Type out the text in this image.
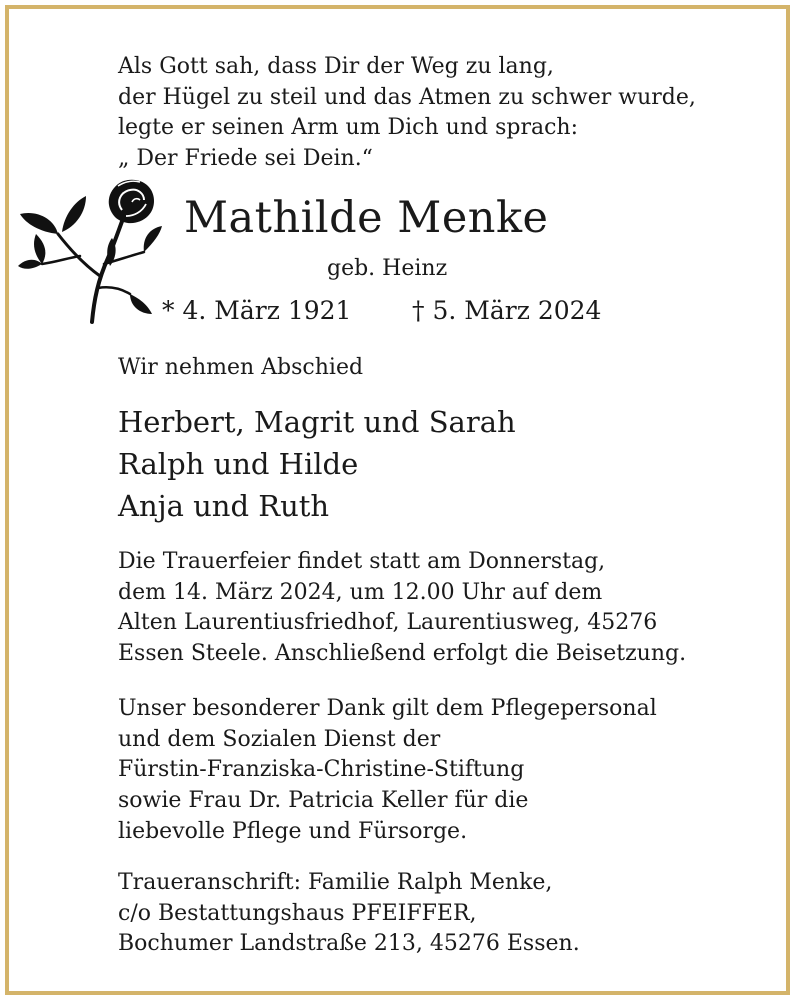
Als Gott sah, dass Dir der Weg zu lang,
der Hügel zu steil und das Atmen zu schwer wurde,
legte er seinen Arm um Dich und sprach:
„ Der Friede sei Dein.“
Mathilde Menke
geb. Heinz
* 4. März 1921 † 5. März 2024
Wir nehmen Abschied
Herbert, Magrit und Sarah
Ralph und Hilde
Anja und Ruth
Die Trauerfeier findet statt am Donnerstag,
dem 14. März 2024, um 12.00 Uhr auf dem
Alten Laurentiusfriedhof, Laurentiusweg, 45276
Essen Steele. Anschließend erfolgt die Beisetzung.
Unser besonderer Dank gilt dem Pflegepersonal
und dem Sozialen Dienst der
Fürstin-Franziska-Christine-Stiftung
sowie Frau Dr. Patricia Keller für die
liebevolle Pflege und Fürsorge.
Traueranschrift: Familie Ralph Menke,
c/o Bestattungshaus PFEIFFER,
Bochumer Landstraße 213, 45276 Essen.
